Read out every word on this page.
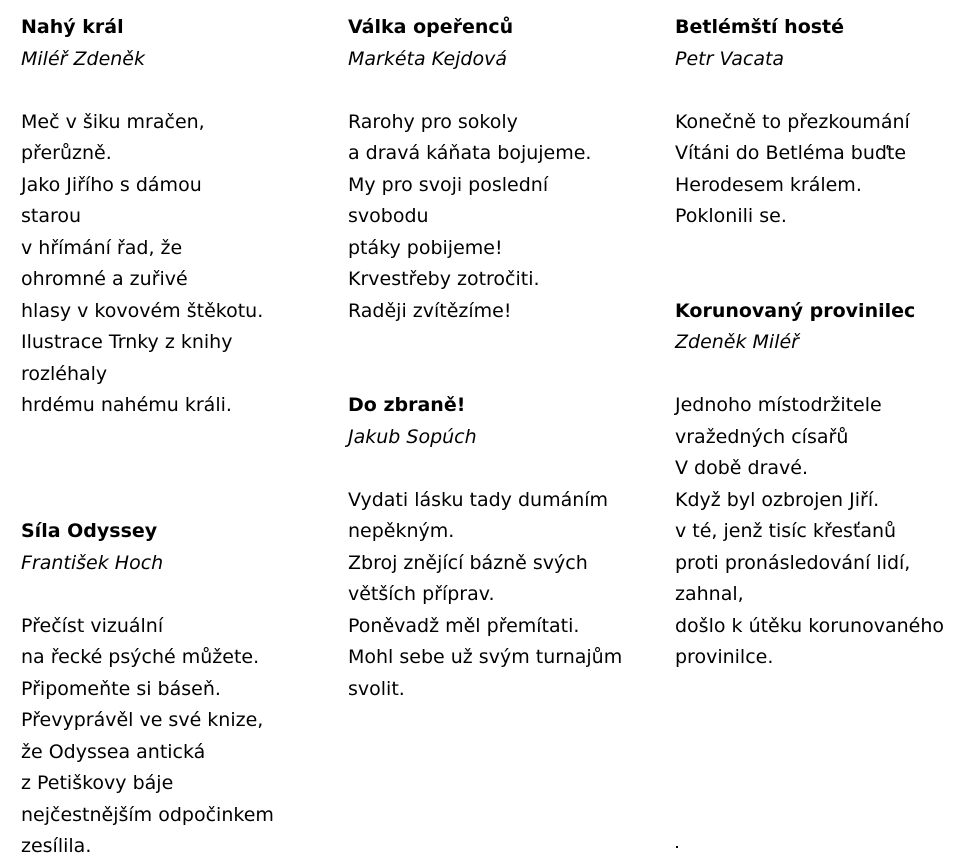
Nahý král
Miléř Zdeněk
Meč v šiku mračen,
přerůzně.
Jako Jiřího s dámou
starou
v hřímání řad, že
ohromné a zuřivé
hlasy v kovovém štěkotu.
Ilustrace Trnky z knihy
rozléhaly
hrdému nahému králi.
Síla Odyssey
František Hoch
Přečíst vizuální
na řecké psýché můžete.
Připomeňte si báseň.
Převyprávěl ve své knize,
že Odyssea antická
z Petiškovy báje
nejčestnějším odpočinkem
zesílila.
Válka opeřenců
Markéta Kejdová
Rarohy pro sokoly
a dravá káňata bojujeme.
My pro svoji poslední
svobodu
ptáky pobijeme!
Krvestřeby zotročiti.
Raději zvítězíme!
Do zbraně!
Jakub Sopúch
Vydati lásku tady dumáním
nepěkným.
Zbroj znějící bázně svých
větších příprav.
Poněvadž měl přemítati.
Mohl sebe už svým turnajům
svolit.
Betlémští hosté
Petr Vacata
Konečně to přezkoumání
Vítáni do Betléma buďte
Herodesem králem.
Poklonili se.
Korunovaný provinilec
Zdeněk Miléř
Jednoho místodržitele
vražedných císařů
V době dravé.
Když byl ozbrojen Jiří.
v té, jenž tisíc křesťanů
proti pronásledování lidí,
zahnal,
došlo k útěku korunovaného
provinilce.
